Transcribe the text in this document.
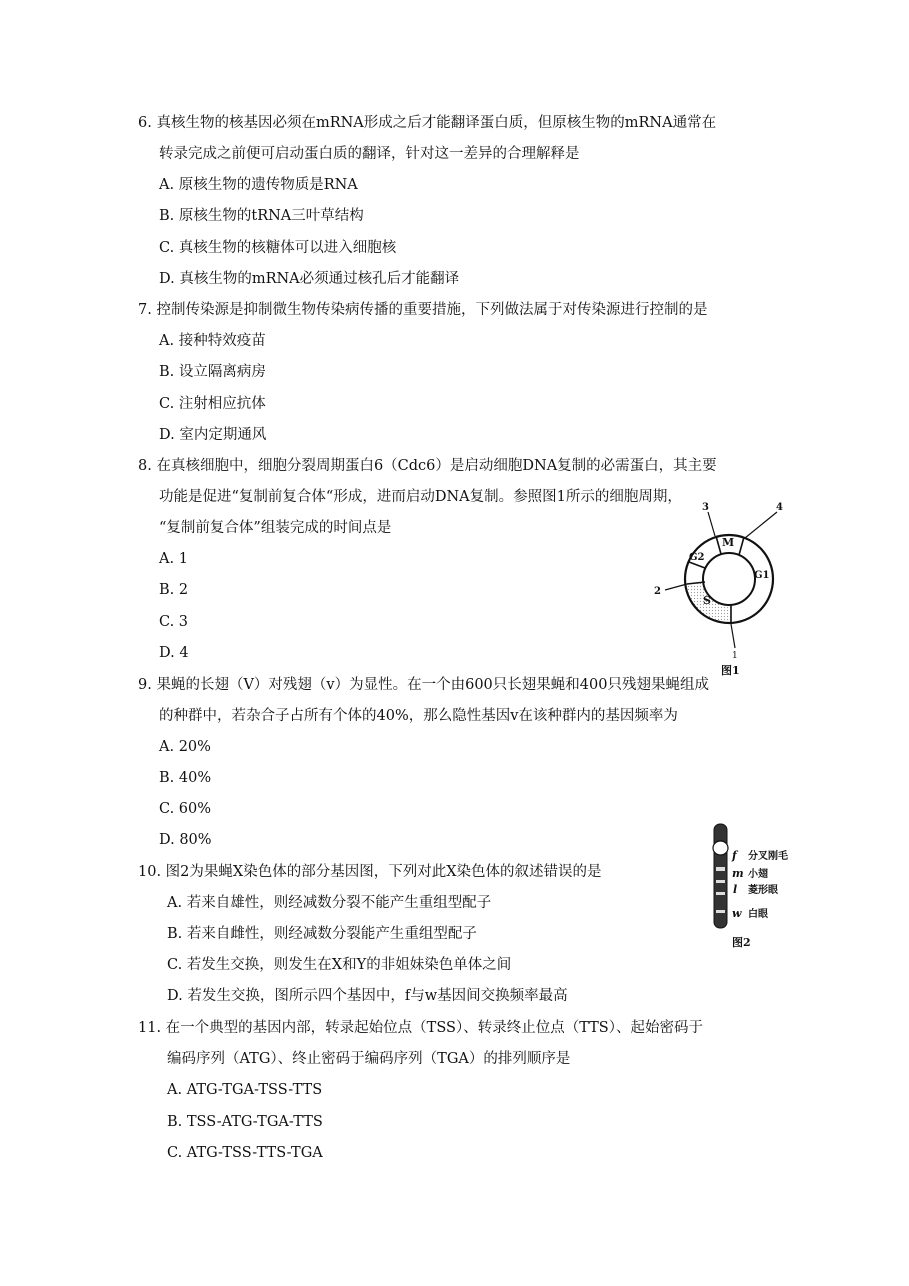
6. 真核生物的核基因必须在mRNA形成之后才能翻译蛋白质，但原核生物的mRNA通常在
转录完成之前便可启动蛋白质的翻译，针对这一差异的合理解释是
A. 原核生物的遗传物质是RNA
B. 原核生物的tRNA三叶草结构
C. 真核生物的核糖体可以进入细胞核
D. 真核生物的mRNA必须通过核孔后才能翻译
7. 控制传染源是抑制微生物传染病传播的重要措施，下列做法属于对传染源进行控制的是
A. 接种特效疫苗
B. 设立隔离病房
C. 注射相应抗体
D. 室内定期通风
8. 在真核细胞中，细胞分裂周期蛋白6（Cdc6）是启动细胞DNA复制的必需蛋白，其主要
功能是促进“复制前复合体“形成，进而启动DNA复制。参照图1所示的细胞周期，
“复制前复合体”组装完成的时间点是
A. 1
B. 2
C. 3
D. 4
M
G2
G1
S
1
2
3	4
图1
9. 果蝇的长翅（V）对残翅（v）为显性。在一个由600只长翅果蝇和400只残翅果蝇组成
的种群中，若杂合子占所有个体的40%，那么隐性基因v在该种群内的基因频率为
A. 20%
B. 40%
C. 60%
D. 80%
f 分叉刚毛
m 小翅
l 菱形眼
w 白眼
图2
10. 图2为果蝇X染色体的部分基因图，下列对此X染色体的叙述错误的是
A. 若来自雄性，则经减数分裂不能产生重组型配子
B. 若来自雌性，则经减数分裂能产生重组型配子
C. 若发生交换，则发生在X和Y的非姐妹染色单体之间
D. 若发生交换，图所示四个基因中，f与w基因间交换频率最高
11. 在一个典型的基因内部，转录起始位点（TSS）、转录终止位点（TTS）、起始密码于
编码序列（ATG）、终止密码于编码序列（TGA）的排列顺序是
A. ATG-TGA-TSS-TTS
B. TSS-ATG-TGA-TTS
C. ATG-TSS-TTS-TGA
